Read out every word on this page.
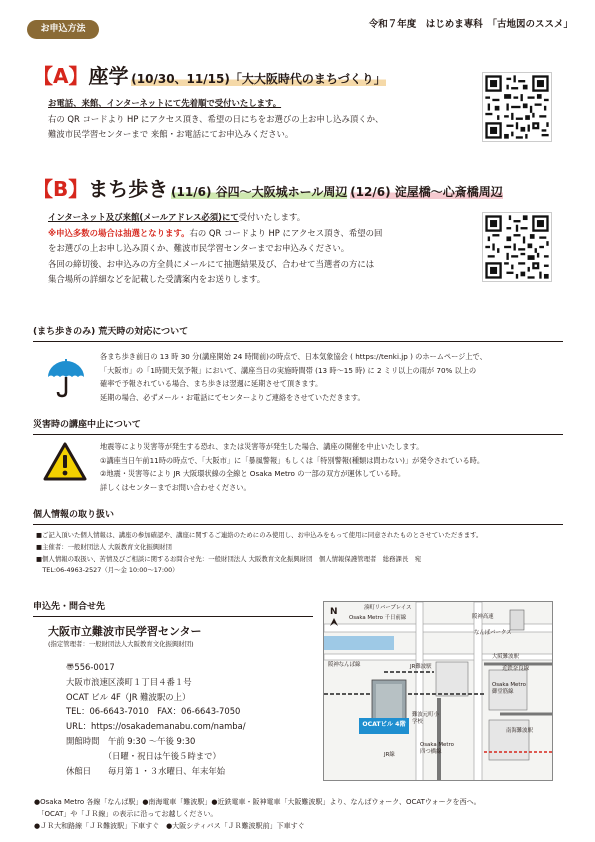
お申込方法	令和７年度　はじめま専科　「古地図のススメ」
【A】座学 (10/30、11/15)「大大阪時代のまちづくり」
お電話、来館、インターネットにて先着順で受付いたします。
右の QR コードより HP にアクセス頂き、希望の日にちをお選びの上お申し込み頂くか、
難波市民学習センターまで 来館・お電話にてお申込みください。
【B】まち歩き (11/6) 谷四～大阪城ホール周辺 (12/6) 淀屋橋～心斎橋周辺
インターネット及び来館(メールアドレス必須)にて受付いたします。
※申込多数の場合は抽選となります。右の QR コードより HP にアクセス頂き、希望の回
をお選びの上お申し込み頂くか、難波市民学習センターまでお申込みください。
各回の締切後、お申込みの方全員にメールにて抽選結果及び、合わせて当選者の方には
集合場所の詳細などを記載した受講案内をお送りします。
(まち歩きのみ) 荒天時の対応について
各まち歩き前日の 13 時 30 分(講座開始 24 時間前)の時点で、日本気象協会 ( https://tenki.jp ) のホームページ上で、
「大阪市」の「1時間天気予報」において、講座当日の実施時間帯 (13 時～15 時) に 2 ミリ以上の雨が 70% 以上の
確率で予報されている場合、まち歩きは翌週に延期させて頂きます。
延期の場合、必ずメール・お電話にてセンターよりご連絡をさせていただきます。
災害時の講座中止について
地震等により災害等が発生する恐れ、または災害等が発生した場合、講座の開催を中止いたします。
①講座当日午前11時の時点で、「大阪市」に「暴風警報」もしくは「特別警報(種類は問わない)」が発令されている時。
②地震・災害等により JR 大阪環状線の全線と Osaka Metro の一部の双方が運休している時。
詳しくはセンターまでお問い合わせください。
個人情報の取り扱い
■ご記入頂いた個人情報は、講座の参加確認や、講座に関するご連絡のためにのみ使用し、お申込みをもって使用に同意されたものとさせていただきます。
■主催者：一般財団法人 大阪教育文化振興財団
■個人情報の取扱い、苦情及びご相談に関するお問合せ先：一般財団法人 大阪教育文化振興財団　個人情報保護管理者　総務課長　宛
　TEL:06-4963-2527（月～金 10:00～17:00）
申込先・問合せ先
大阪市立難波市民学習センター
(指定管理者：一般財団法人大阪教育文化振興財団)
〠556-0017
大阪市浪速区湊町１丁目４番１号
OCAT ビル 4F（JR 難波駅の上）
TEL：06-6643-7010　FAX：06-6643-7050
URL：https://osakademanabu.com/namba/
開館時間　午前 9:30 ～午後 9:30
　　　　　（日曜・祝日は午後５時まで）
休館日　　毎月第１・３水曜日、年末年始
N	湊町リバープレイス
Osaka Metro 千日前線	阪神高速
なんばパークス
阪神なんば線	JR難波駅
大阪難波駅
近鉄奈良線
Osaka Metro 御堂筋線
難波元町小学校
OCATビル 4階
Osaka Metro 四つ橋線
南海難波駅
JR線
●Osaka Metro 各線「なんば駅」●南海電車「難波駅」●近鉄電車・阪神電車「大阪難波駅」より、なんばウォーク、OCATウォークを西へ。
　「OCAT」や「ＪＲ線」の表示に沿ってお越しください。
●ＪＲ大和路線「ＪＲ難波駅」下車すぐ　●大阪シティバス「ＪＲ難波駅前」下車すぐ
